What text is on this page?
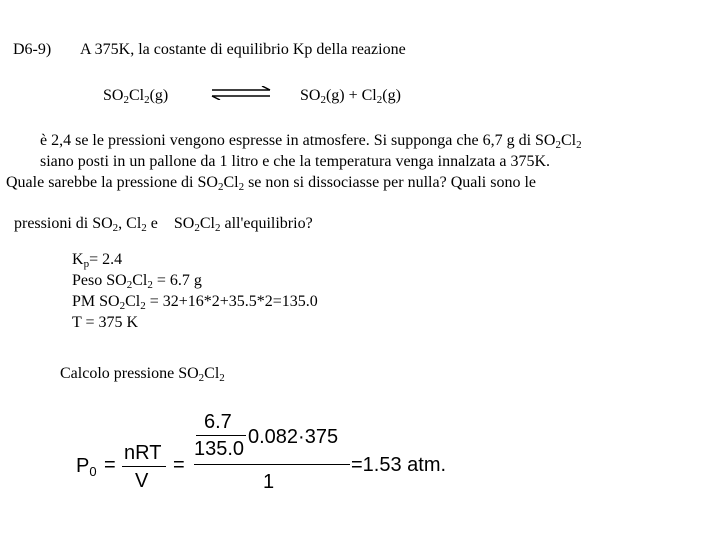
D6-9) A 375K, la costante di equilibrio Kp della reazione
$SO_2Cl_2(g)$	$SO_2(g) + Cl_2(g)$
è 2,4 se le pressioni vengono espresse in atmosfere. Si supponga che 6,7 g di $SO_2Cl_2$
siano posti in un pallone da 1 litro e che la temperatura venga innalzata a 375K.
Quale sarebbe la pressione di $SO_2Cl_2$ se non si dissociasse per nulla? Quali sono le

pressioni di $SO_2$, $Cl_2$ e    $SO_2Cl_2$ all'equilibrio?

$K_p= 2.4$
Peso $SO_2Cl_2 = 6.7$ g
PM $SO_2Cl_2 = 32+16*2+35.5*2=135.0$
T = 375 K
Calcolo pressione $SO_2Cl_2$
$P_0$ =
nRT
V
=
6.7
135.0
0.082·375
1
=1.53 atm.
